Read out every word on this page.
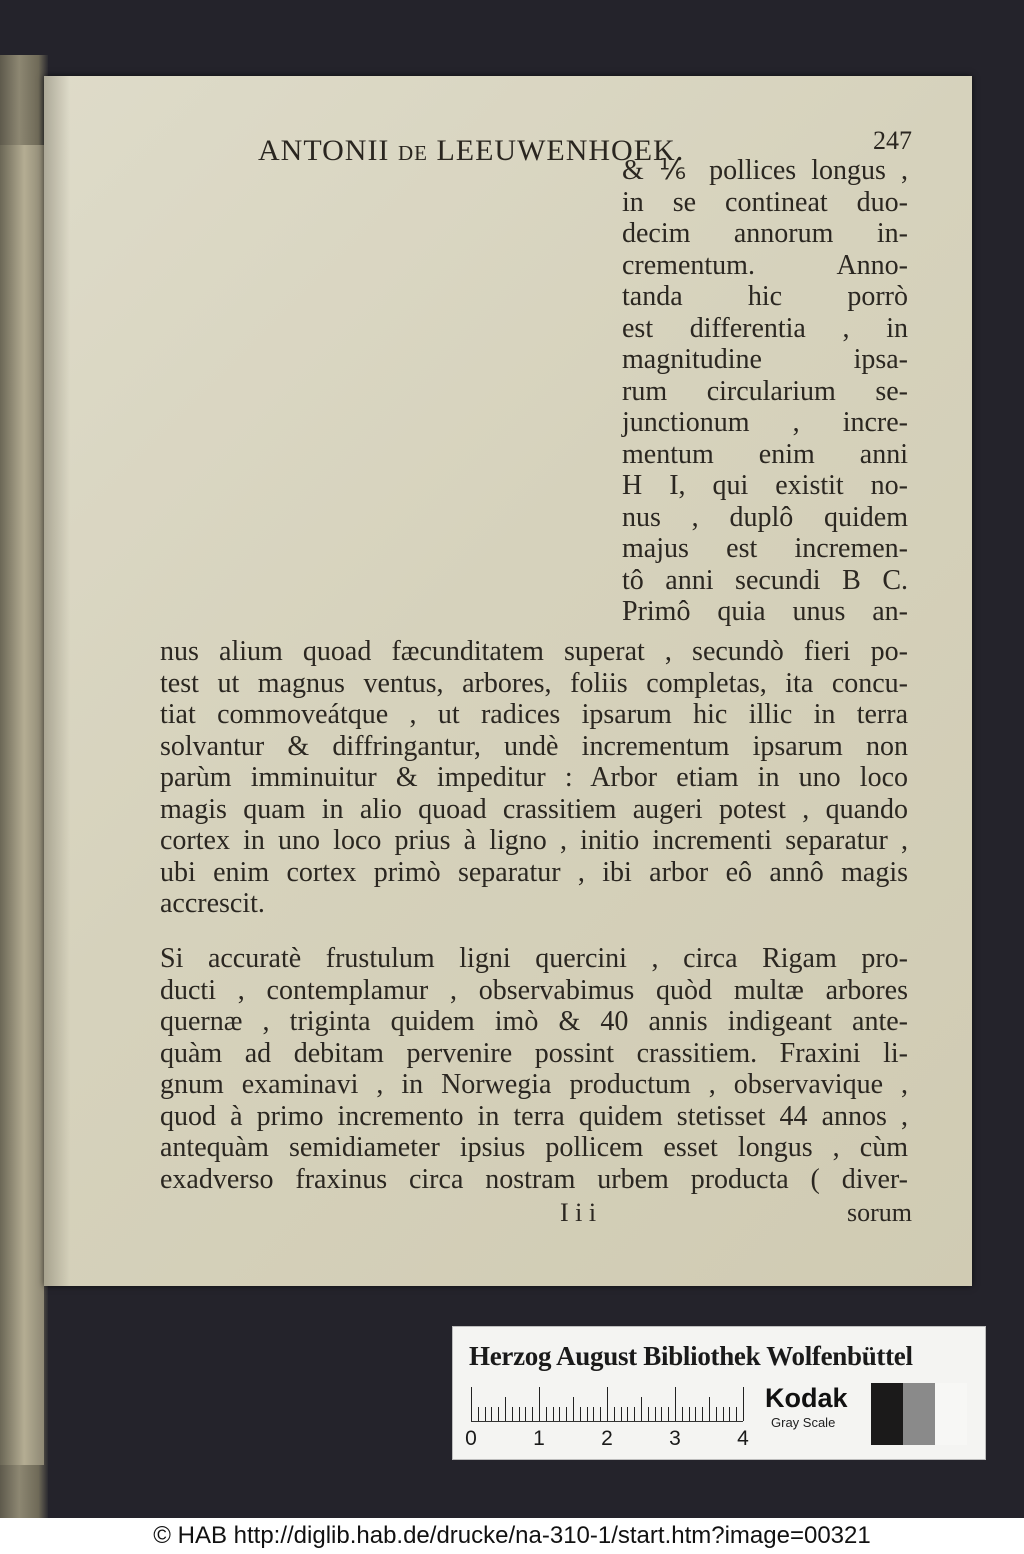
ANTONII DE LEEUWENHOEK.	247
& ⅙ pollices longus ,
in se contineat duo-
decim annorum in-
crementum. Anno-
tanda hic porrò
est differentia , in
magnitudine ipsa-
rum circularium se-
junctionum , incre-
mentum enim anni
H I, qui existit no-
nus , duplô quidem
majus est incremen-
tô anni secundi B C.
Primô quia unus an-
nus alium quoad fæcunditatem superat , secundò fieri po-
test ut magnus ventus, arbores, foliis completas, ita concu-
tiat commoveátque , ut radices ipsarum hic illic in terra
solvantur & diffringantur, undè incrementum ipsarum non
parùm imminuitur & impeditur : Arbor etiam in uno loco
magis quam in alio quoad crassitiem augeri potest , quando
cortex in uno loco prius à ligno , initio incrementi separatur ,
ubi enim cortex primò separatur , ibi arbor eô annô magis
accrescit.
Si accuratè frustulum ligni quercini , circa Rigam pro-
ducti , contemplamur , observabimus quòd multæ arbores
quernæ , triginta quidem imò & 40 annis indigeant ante-
quàm ad debitam pervenire possint crassitiem. Fraxini li-
gnum examinavi , in Norwegia productum , observavique ,
quod à primo incremento in terra quidem stetisset 44 annos ,
antequàm semidiameter ipsius pollicem esset longus , cùm
exadverso fraxinus circa nostram urbem producta ( diver-
I i i	sorum
Herzog August Bibliothek Wolfenbüttel
0	1	2	3	4
Kodak
Gray Scale
© HAB http://diglib.hab.de/drucke/na-310-1/start.htm?image=00321
